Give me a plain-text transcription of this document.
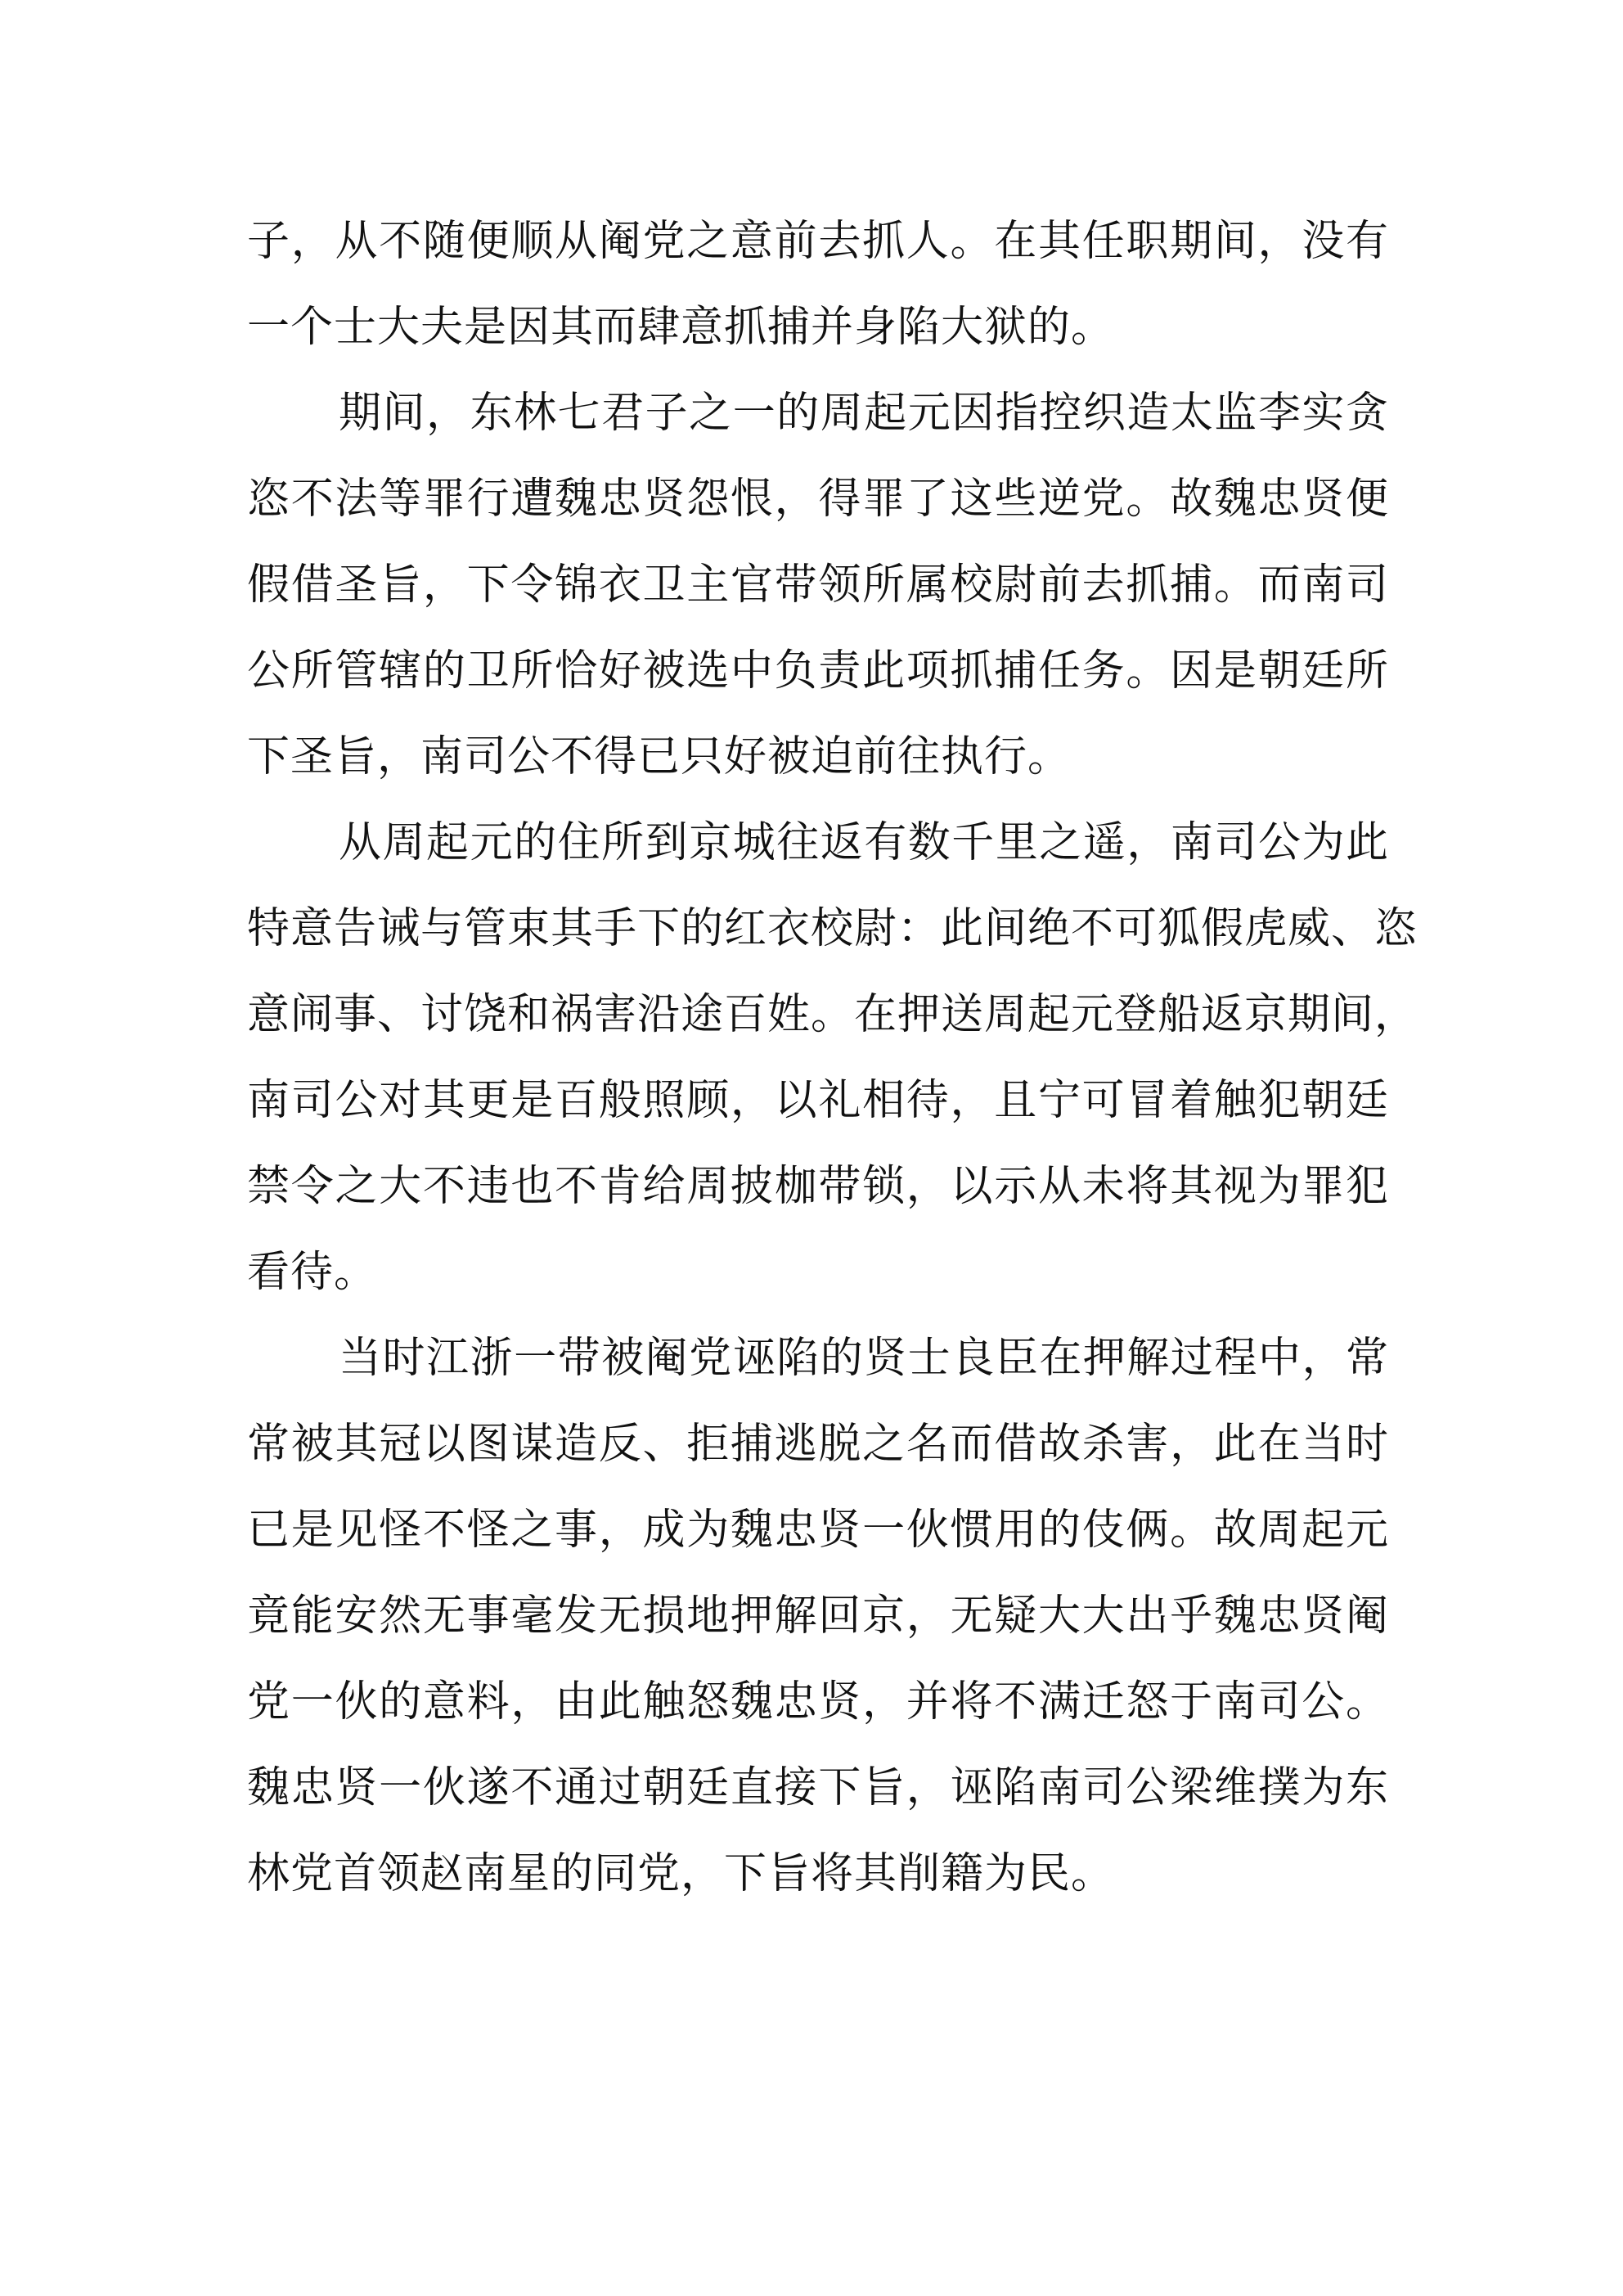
子，从不随便顺从阉党之意前去抓人。在其任职期间，没有
一个士大夫是因其而肆意抓捕并身陷大狱的。
期间，东林七君子之一的周起元因指控织造太监李实贪
恣不法等罪行遭魏忠贤怨恨，得罪了这些逆党。故魏忠贤便
假借圣旨，下令锦衣卫主官带领所属校尉前去抓捕。而南司
公所管辖的卫所恰好被选中负责此项抓捕任务。因是朝廷所
下圣旨，南司公不得已只好被迫前往执行。
从周起元的住所到京城往返有数千里之遥，南司公为此
特意告诫与管束其手下的红衣校尉：此间绝不可狐假虎威、恣
意闹事、讨饶和祸害沿途百姓。在押送周起元登船返京期间，
南司公对其更是百般照顾，以礼相待，且宁可冒着触犯朝廷
禁令之大不违也不肯给周披枷带锁，以示从未将其视为罪犯
看待。
当时江浙一带被阉党诬陷的贤士良臣在押解过程中，常
常被其冠以图谋造反、拒捕逃脱之名而借故杀害，此在当时
已是见怪不怪之事，成为魏忠贤一伙惯用的伎俩。故周起元
竟能安然无事毫发无损地押解回京，无疑大大出乎魏忠贤阉
党一伙的意料，由此触怒魏忠贤，并将不满迁怒于南司公。
魏忠贤一伙遂不通过朝廷直接下旨，诬陷南司公梁维撲为东
林党首领赵南星的同党，下旨将其削籍为民。
